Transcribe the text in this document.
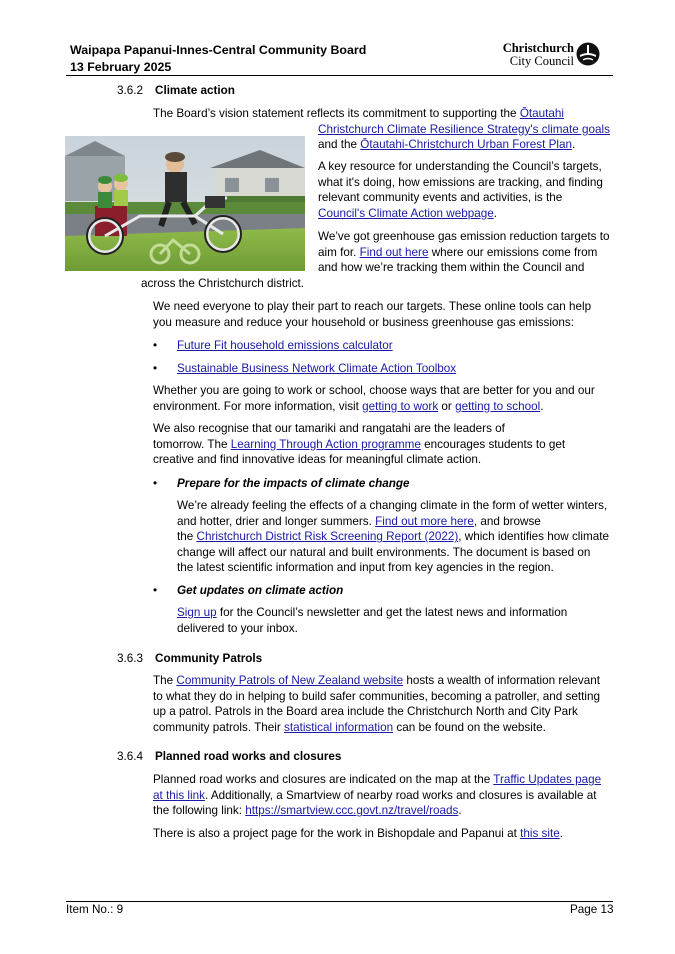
Waipapa Papanui-Innes-Central Community Board
13 February 2025
Christchurch
City Council
3.6.2 Climate action
The Board’s vision statement reflects its commitment to supporting the Ōtautahi
Christchurch Climate Resilience Strategy's climate goals
and the Ōtautahi-Christchurch Urban Forest Plan.
A key resource for understanding the Council’s targets,
what it's doing, how emissions are tracking, and finding
relevant community events and activities, is the
Council's Climate Action webpage.
We’ve got greenhouse gas emission reduction targets to
aim for. Find out here where our emissions come from
and how we’re tracking them within the Council and
across the Christchurch district.
We need everyone to play their part to reach our targets. These online tools can help
you measure and reduce your household or business greenhouse gas emissions:
• Future Fit household emissions calculator
• Sustainable Business Network Climate Action Toolbox
Whether you are going to work or school, choose ways that are better for you and our
environment. For more information, visit getting to work or getting to school.
We also recognise that our tamariki and rangatahi are the leaders of
tomorrow. The Learning Through Action programme encourages students to get
creative and find innovative ideas for meaningful climate action.
• Prepare for the impacts of climate change
We’re already feeling the effects of a changing climate in the form of wetter winters,
and hotter, drier and longer summers. Find out more here, and browse
the Christchurch District Risk Screening Report (2022), which identifies how climate
change will affect our natural and built environments. The document is based on
the latest scientific information and input from key agencies in the region.
• Get updates on climate action
Sign up for the Council’s newsletter and get the latest news and information
delivered to your inbox.
3.6.3 Community Patrols
The Community Patrols of New Zealand website hosts a wealth of information relevant
to what they do in helping to build safer communities, becoming a patroller, and setting
up a patrol. Patrols in the Board area include the Christchurch North and City Park
community patrols. Their statistical information can be found on the website.
3.6.4 Planned road works and closures
Planned road works and closures are indicated on the map at the Traffic Updates page
at this link. Additionally, a Smartview of nearby road works and closures is available at
the following link: https://smartview.ccc.govt.nz/travel/roads.
There is also a project page for the work in Bishopdale and Papanui at this site.
Item No.: 9	Page 13
